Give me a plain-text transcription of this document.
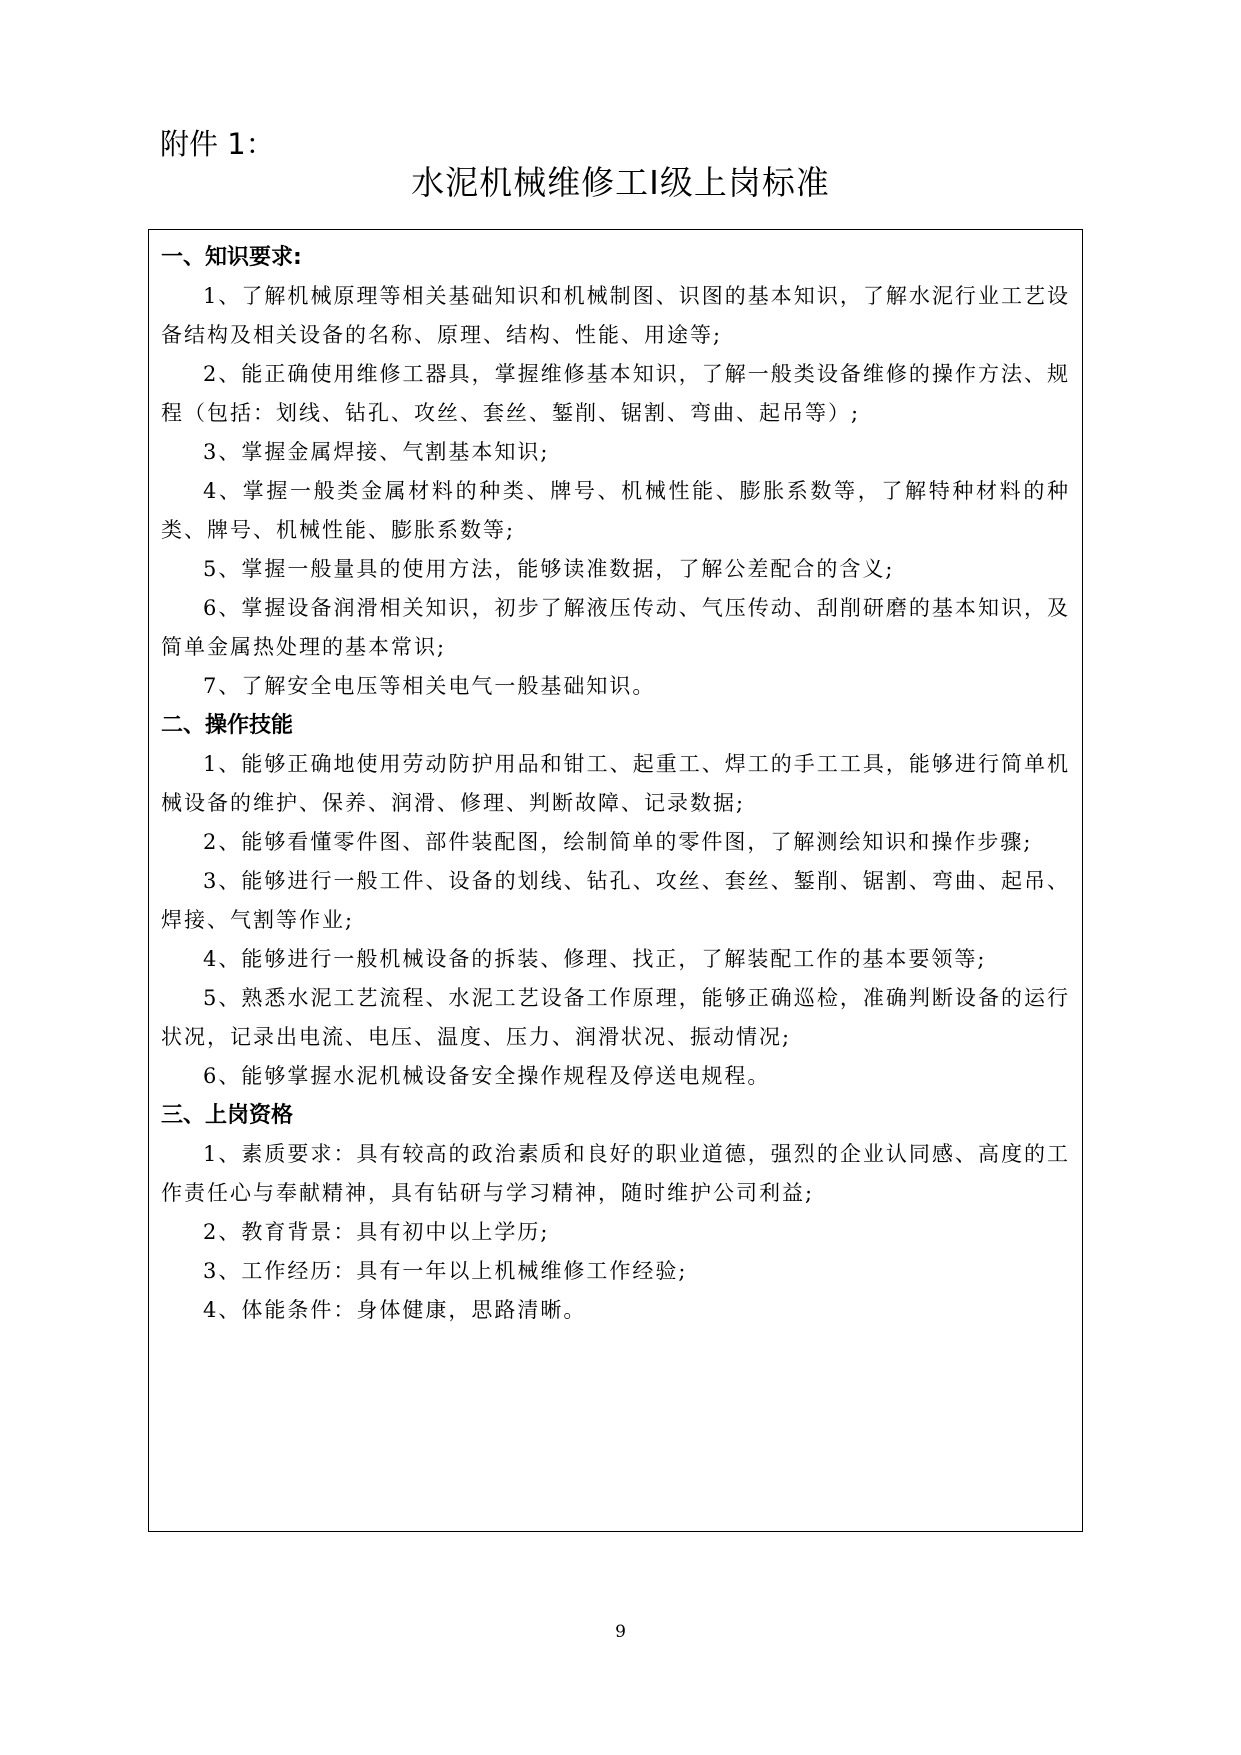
附件 1：
水泥机械维修工Ⅰ级上岗标准
一、知识要求:

1、了解机械原理等相关基础知识和机械制图、识图的基本知识，了解水泥行业工艺设备结构及相关设备的名称、原理、结构、性能、用途等;

2、能正确使用维修工器具，掌握维修基本知识，了解一般类设备维修的操作方法、规程（包括：划线、钻孔、攻丝、套丝、錾削、锯割、弯曲、起吊等）;

3、掌握金属焊接、气割基本知识;

4、掌握一般类金属材料的种类、牌号、机械性能、膨胀系数等，了解特种材料的种类、牌号、机械性能、膨胀系数等;

5、掌握一般量具的使用方法，能够读准数据，了解公差配合的含义;

6、掌握设备润滑相关知识，初步了解液压传动、气压传动、刮削研磨的基本知识，及简单金属热处理的基本常识;

7、了解安全电压等相关电气一般基础知识。

二、操作技能

1、能够正确地使用劳动防护用品和钳工、起重工、焊工的手工工具，能够进行简单机械设备的维护、保养、润滑、修理、判断故障、记录数据;

2、能够看懂零件图、部件装配图，绘制简单的零件图，了解测绘知识和操作步骤;

3、能够进行一般工件、设备的划线、钻孔、攻丝、套丝、錾削、锯割、弯曲、起吊、焊接、气割等作业;

4、能够进行一般机械设备的拆装、修理、找正，了解装配工作的基本要领等;

5、熟悉水泥工艺流程、水泥工艺设备工作原理，能够正确巡检，准确判断设备的运行状况，记录出电流、电压、温度、压力、润滑状况、振动情况;

6、能够掌握水泥机械设备安全操作规程及停送电规程。

三、上岗资格

1、素质要求：具有较高的政治素质和良好的职业道德，强烈的企业认同感、高度的工作责任心与奉献精神，具有钻研与学习精神，随时维护公司利益;

2、教育背景：具有初中以上学历;

3、工作经历：具有一年以上机械维修工作经验;

4、体能条件：身体健康，思路清晰。

9
